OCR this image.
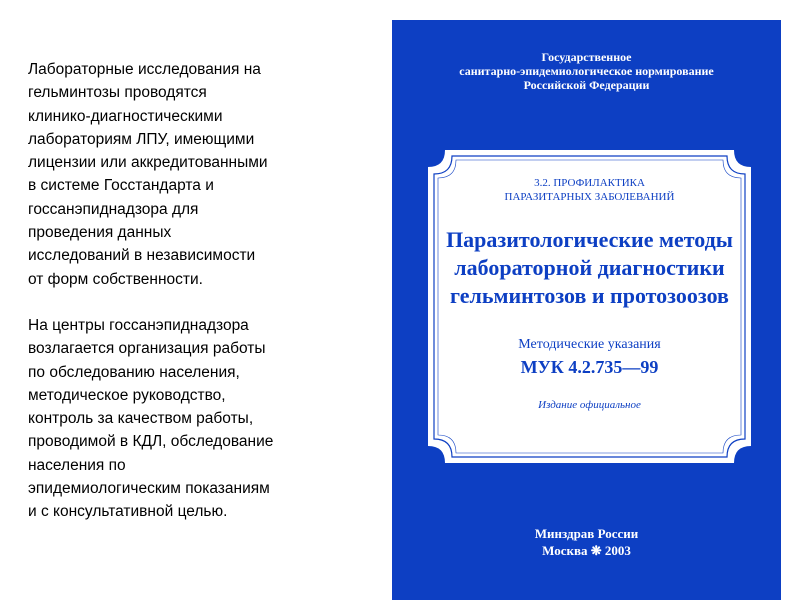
Лабораторные исследования на
гельминтозы проводятся
клинико-диагностическими
лабораториям ЛПУ, имеющими
лицензии или аккредитованными
в системе Госстандарта и
госсанэпиднадзора для
проведения данных
исследований в независимости
от форм собственности.

На центры госсанэпиднадзора
возлагается организация работы
по обследованию населения,
методическое руководство,
контроль за качеством работы,
проводимой в КДЛ, обследование
населения по
эпидемиологическим показаниям
и с консультативной целью.

Государственное
санитарно-эпидемиологическое нормирование
Российской Федерации
3.2. ПРОФИЛАКТИКА
ПАРАЗИТАРНЫХ ЗАБОЛЕВАНИЙ
Паразитологические методы
лабораторной диагностики
гельминтозов и протозоозов
Методические указания
МУК 4.2.735—99
Издание официальное
Минздрав России
Москва ❋ 2003
